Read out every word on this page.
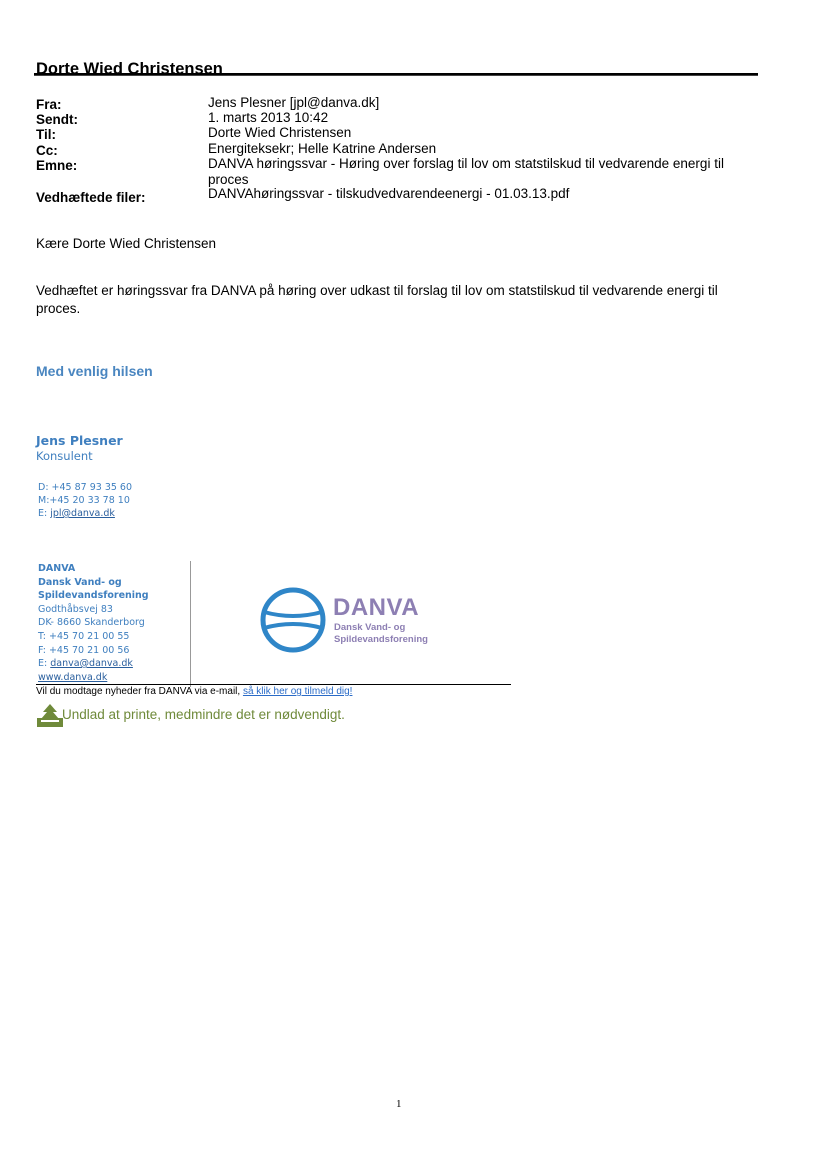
Dorte Wied Christensen
Fra:	Jens Plesner [jpl@danva.dk]
Sendt:	1. marts 2013 10:42
Til:	Dorte Wied Christensen
Cc:	Energiteksekr; Helle Katrine Andersen
Emne:	DANVA høringssvar - Høring over forslag til lov om statstilskud til vedvarende energi til
proces
Vedhæftede filer:	DANVAhøringssvar - tilskudvedvarendeenergi - 01.03.13.pdf
Kære Dorte Wied Christensen
Vedhæftet er høringssvar fra DANVA på høring over udkast til forslag til lov om statstilskud til vedvarende energi til
proces.
Med venlig hilsen
Jens Plesner
Konsulent
D: +45 87 93 35 60
M:+45 20 33 78 10
E: jpl@danva.dk
DANVA
Dansk Vand- og
Spildevandsforening
Godthåbsvej 83
DK- 8660 Skanderborg
T: +45 70 21 00 55
F: +45 70 21 00 56
E: danva@danva.dk
www.danva.dk
DANVA
Dansk Vand- og
Spildevandsforening
Vil du modtage nyheder fra DANVA via e-mail, så klik her og tilmeld dig!
Undlad at printe, medmindre det er nødvendigt.
1
